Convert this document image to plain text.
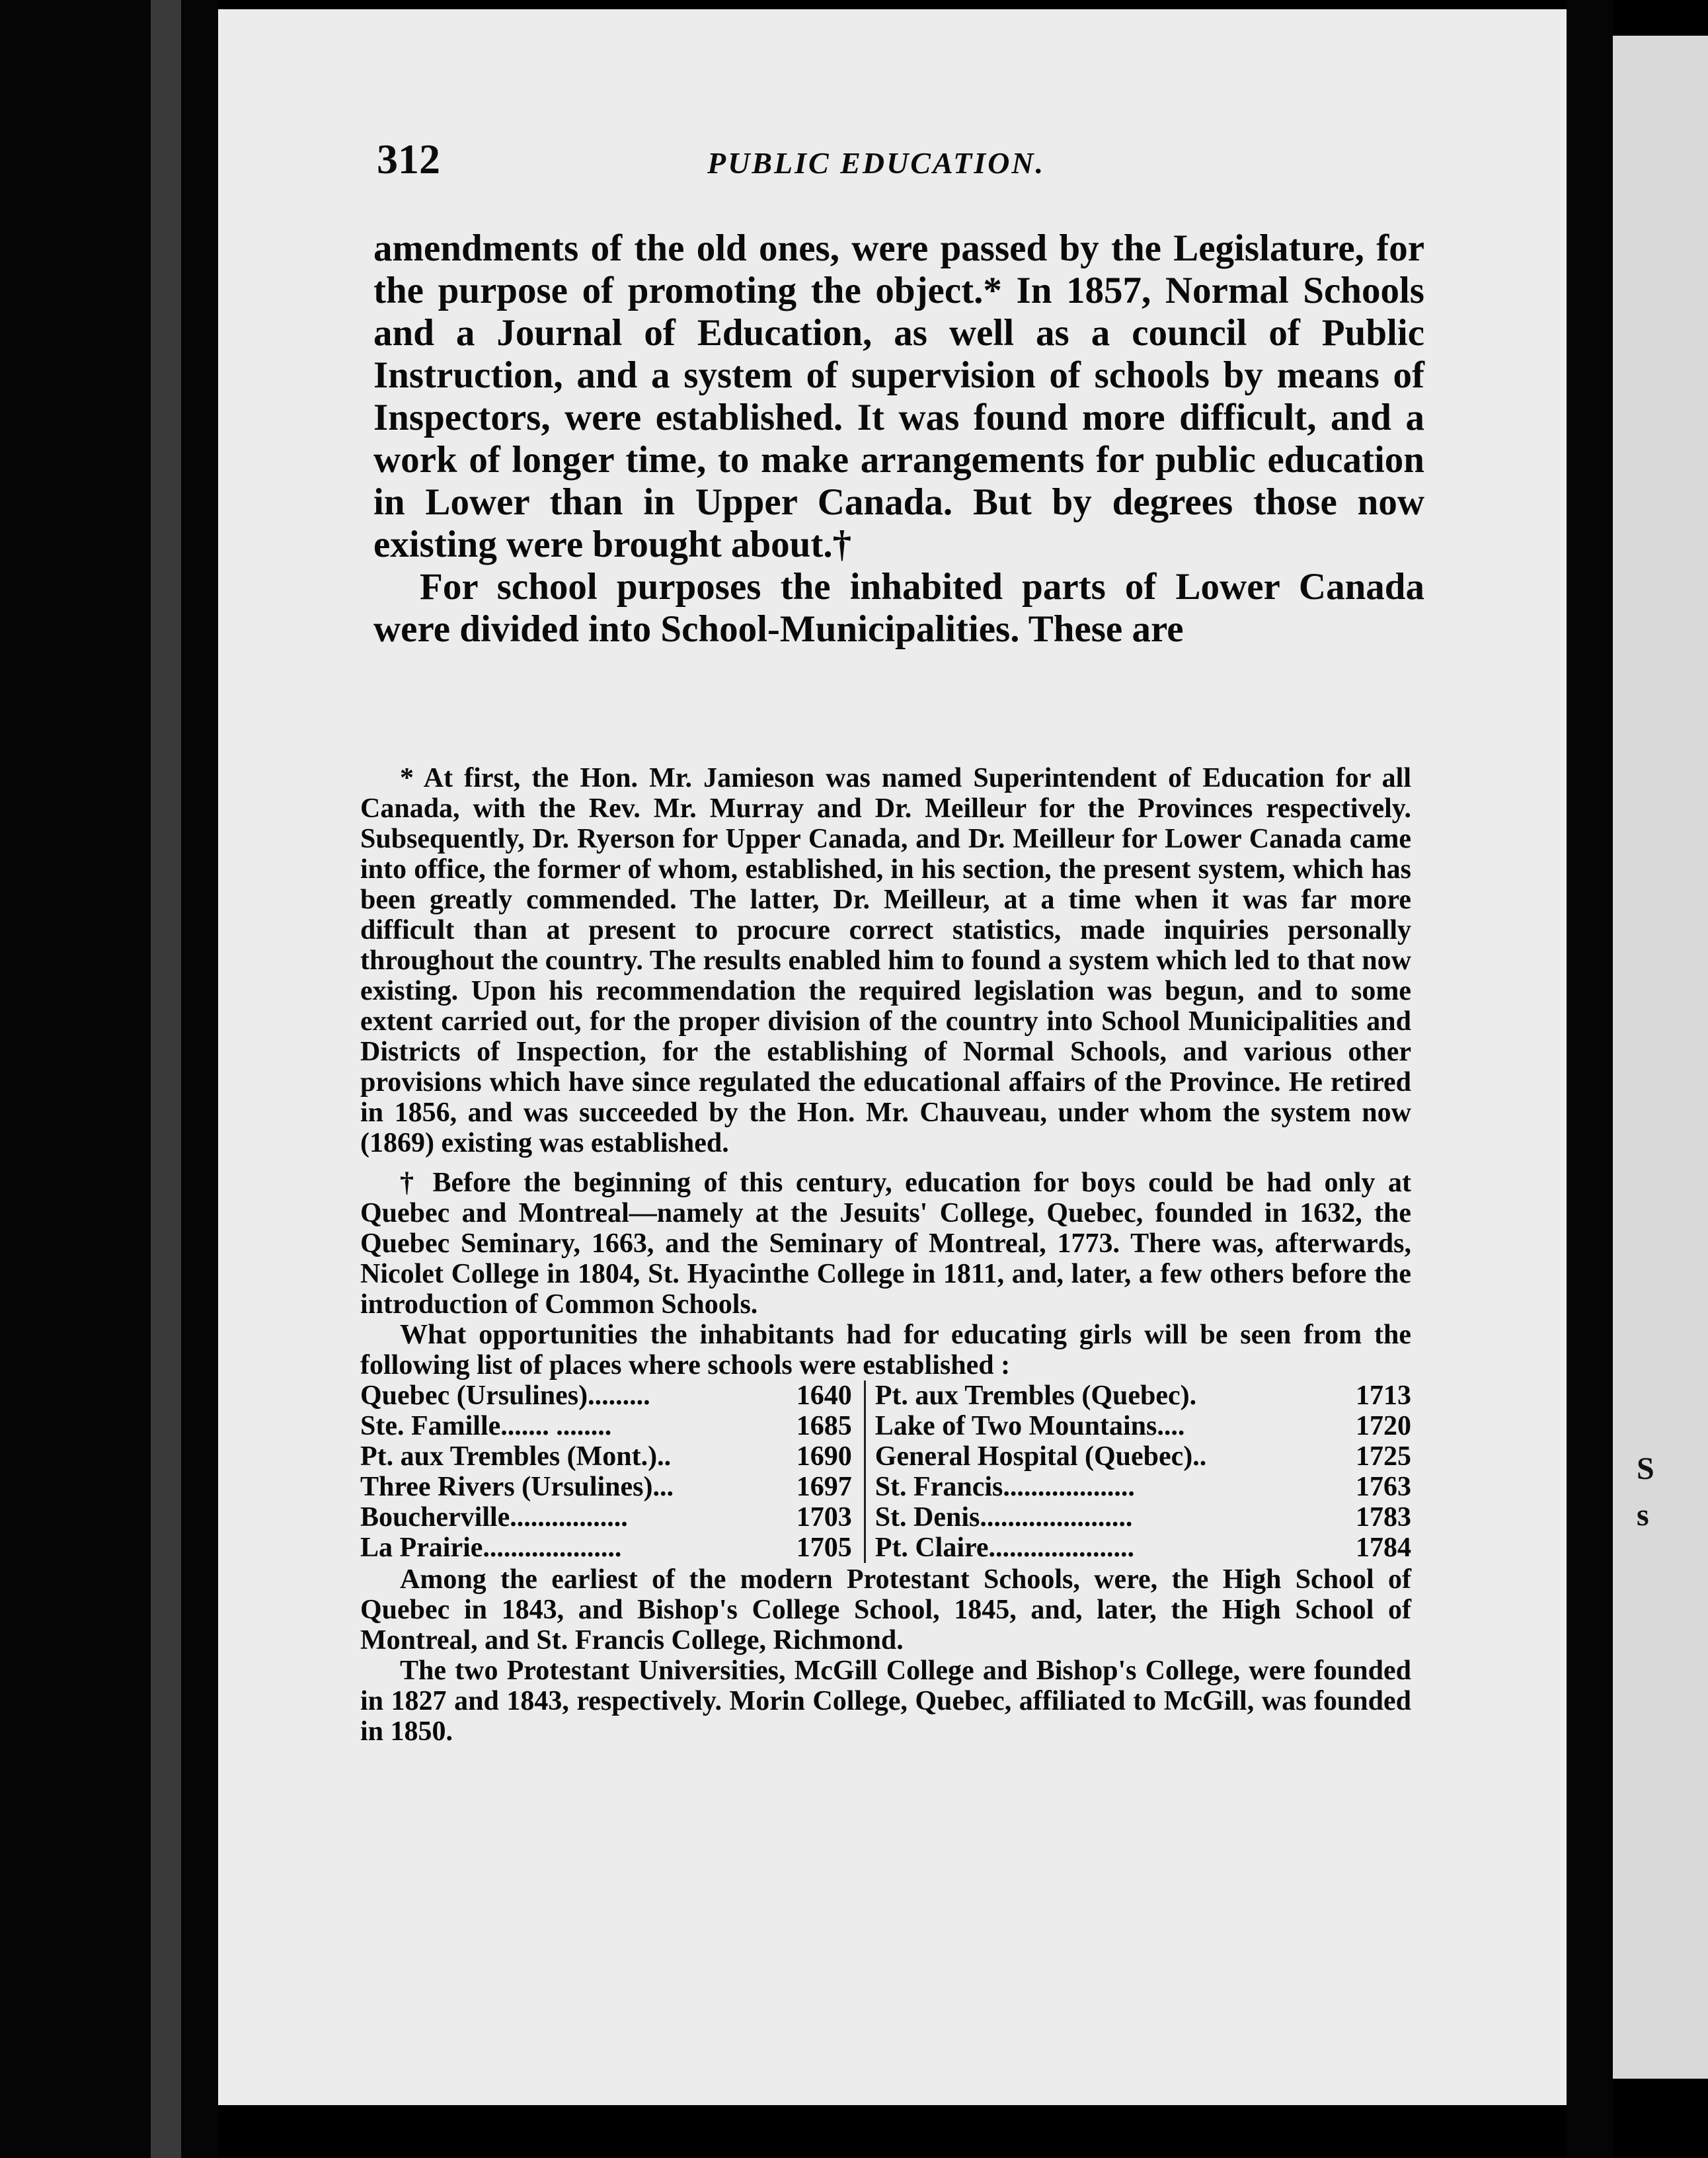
312	PUBLIC EDUCATION.

amendments of the old ones, were passed by the Legislature, for the purpose of promoting the object.* In 1857, Normal Schools and a Journal of Education, as well as a council of Public Instruction, and a system of supervision of schools by means of Inspectors, were established. It was found more difficult, and a work of longer time, to make arrangements for public education in Lower than in Upper Canada. But by degrees those now existing were brought about.†

For school purposes the inhabited parts of Lower Canada were divided into School-Municipalities. These are

* At first, the Hon. Mr. Jamieson was named Superintendent of Education for all Canada, with the Rev. Mr. Murray and Dr. Meilleur for the Provinces respectively. Subsequently, Dr. Ryerson for Upper Canada, and Dr. Meilleur for Lower Canada came into office, the former of whom, established, in his section, the present system, which has been greatly commended. The latter, Dr. Meilleur, at a time when it was far more difficult than at present to procure correct statistics, made inquiries personally throughout the country. The results enabled him to found a system which led to that now existing. Upon his recommendation the required legislation was begun, and to some extent carried out, for the proper division of the country into School Municipalities and Districts of Inspection, for the establishing of Normal Schools, and various other provisions which have since regulated the educational affairs of the Province. He retired in 1856, and was succeeded by the Hon. Mr. Chauveau, under whom the system now (1869) existing was established.

† Before the beginning of this century, education for boys could be had only at Quebec and Montreal—namely at the Jesuits' College, Quebec, founded in 1632, the Quebec Seminary, 1663, and the Seminary of Montreal, 1773. There was, afterwards, Nicolet College in 1804, St. Hyacinthe College in 1811, and, later, a few others before the introduction of Common Schools.

What opportunities the inhabitants had for educating girls will be seen from the following list of places where schools were established :

Quebec (Ursulines).........	1640	Pt. aux Trembles (Quebec).	1713
Ste. Famille....... ........	1685	Lake of Two Mountains....	1720
Pt. aux Trembles (Mont.)..	1690	General Hospital (Quebec)..	1725
Three Rivers (Ursulines)...	1697	St. Francis...................	1763
Boucherville.................	1703	St. Denis......................	1783
La Prairie....................	1705	Pt. Claire.....................	1784

Among the earliest of the modern Protestant Schools, were, the High School of Quebec in 1843, and Bishop's College School, 1845, and, later, the High School of Montreal, and St. Francis College, Richmond.

The two Protestant Universities, McGill College and Bishop's College, were founded in 1827 and 1843, respectively. Morin College, Quebec, affiliated to McGill, was founded in 1850.

S
s
